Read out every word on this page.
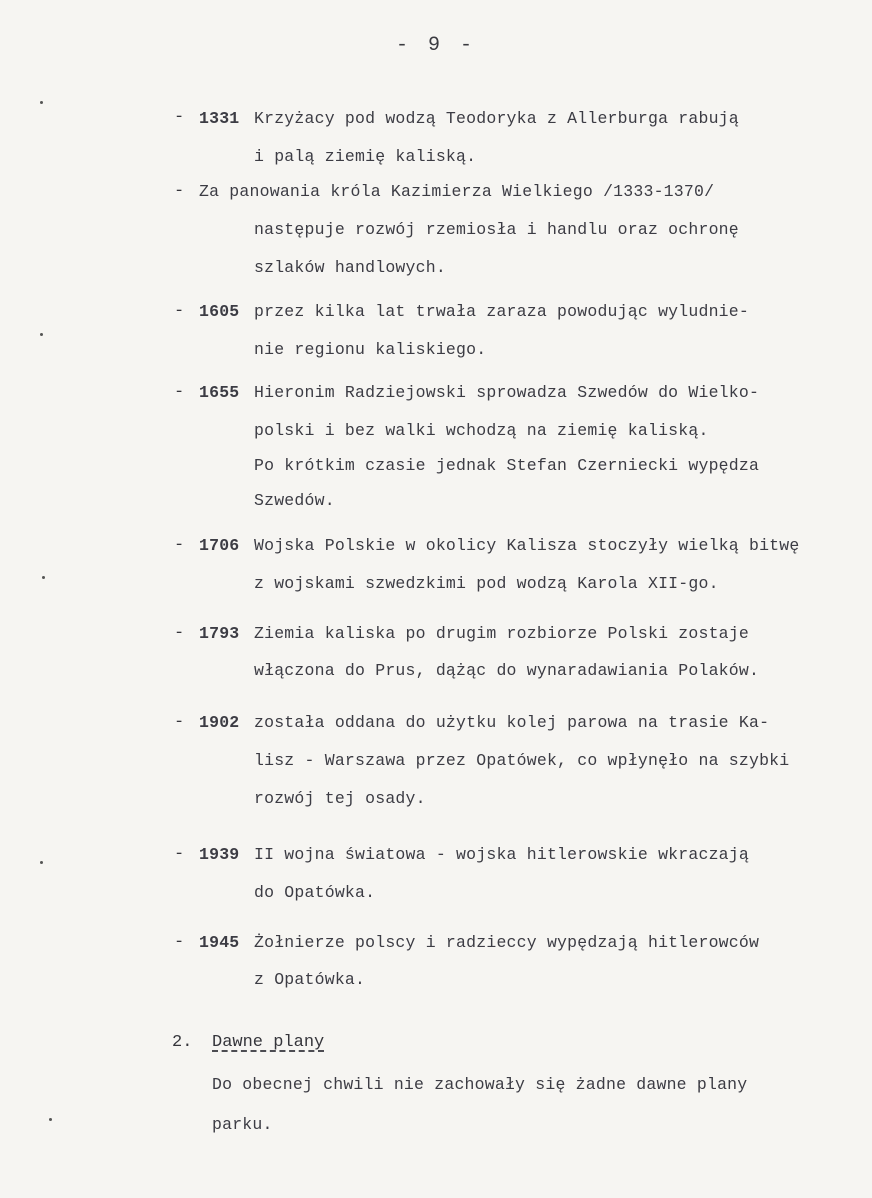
- 9 -
- 1331 Krzyżacy pod wodzą Teodoryka z Allerburga rabują
i palą ziemię kaliską.
- Za panowania króla Kazimierza Wielkiego /1333-1370/
następuje rozwój rzemiosła i handlu oraz ochronę
szlaków handlowych.
- 1605 przez kilka lat trwała zaraza powodując wyludnie-
nie regionu kaliskiego.
- 1655 Hieronim Radziejowski sprowadza Szwedów do Wielko-
polski i bez walki wchodzą na ziemię kaliską.
Po krótkim czasie jednak Stefan Czerniecki wypędza
Szwedów.
- 1706 Wojska Polskie w okolicy Kalisza stoczyły wielką bitwę
z wojskami szwedzkimi pod wodzą Karola XII-go.
- 1793 Ziemia kaliska po drugim rozbiorze Polski zostaje
włączona do Prus, dążąc do wynaradawiania Polaków.
- 1902 została oddana do użytku kolej parowa na trasie Ka-
lisz - Warszawa przez Opatówek, co wpłynęło na szybki
rozwój tej osady.
- 1939 II wojna światowa - wojska hitlerowskie wkraczają
do Opatówka.
- 1945 Żołnierze polscy i radzieccy wypędzają hitlerowców
z Opatówka.
2. Dawne plany
Do obecnej chwili nie zachowały się żadne dawne plany
parku.
